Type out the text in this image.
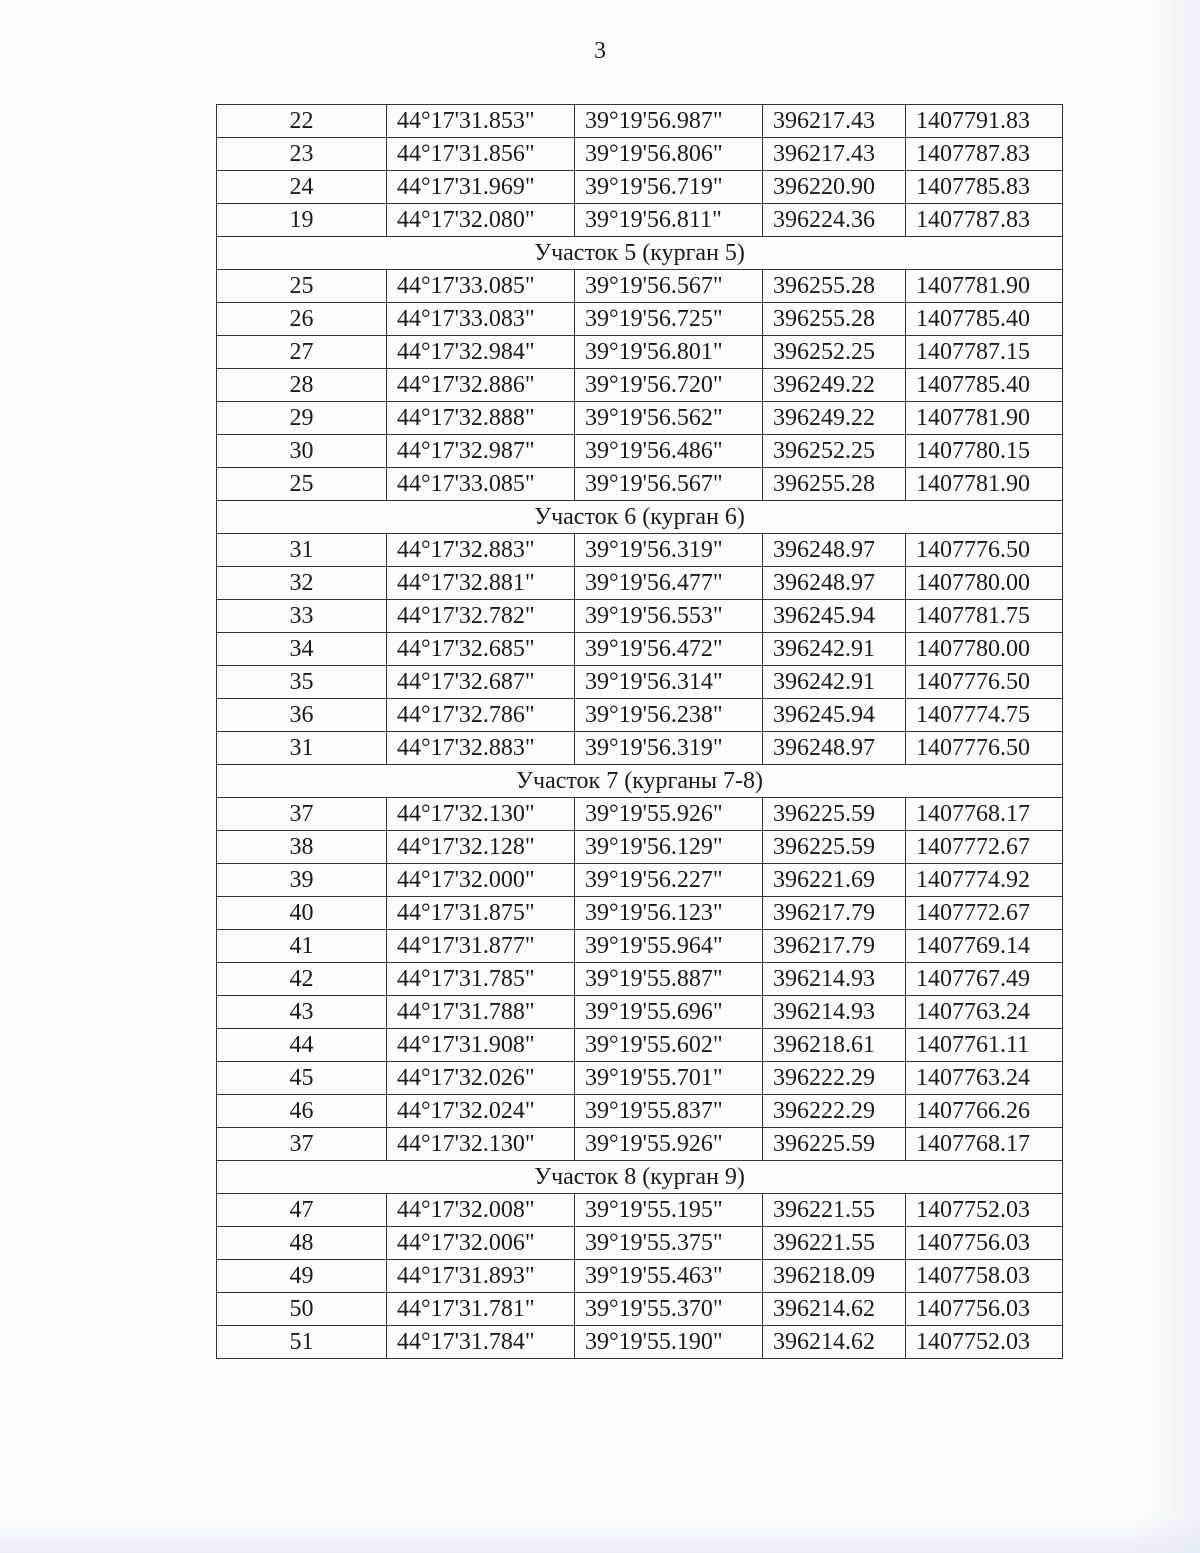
3
22	44°17'31.853"	39°19'56.987"	396217.43	1407791.83
23	44°17'31.856"	39°19'56.806"	396217.43	1407787.83
24	44°17'31.969"	39°19'56.719"	396220.90	1407785.83
19	44°17'32.080"	39°19'56.811"	396224.36	1407787.83
Участок 5 (курган 5)				
25	44°17'33.085"	39°19'56.567"	396255.28	1407781.90
26	44°17'33.083"	39°19'56.725"	396255.28	1407785.40
27	44°17'32.984"	39°19'56.801"	396252.25	1407787.15
28	44°17'32.886"	39°19'56.720"	396249.22	1407785.40
29	44°17'32.888"	39°19'56.562"	396249.22	1407781.90
30	44°17'32.987"	39°19'56.486"	396252.25	1407780.15
25	44°17'33.085"	39°19'56.567"	396255.28	1407781.90
Участок 6 (курган 6)				
31	44°17'32.883"	39°19'56.319"	396248.97	1407776.50
32	44°17'32.881"	39°19'56.477"	396248.97	1407780.00
33	44°17'32.782"	39°19'56.553"	396245.94	1407781.75
34	44°17'32.685"	39°19'56.472"	396242.91	1407780.00
35	44°17'32.687"	39°19'56.314"	396242.91	1407776.50
36	44°17'32.786"	39°19'56.238"	396245.94	1407774.75
31	44°17'32.883"	39°19'56.319"	396248.97	1407776.50
Участок 7 (курганы 7-8)				
37	44°17'32.130"	39°19'55.926"	396225.59	1407768.17
38	44°17'32.128"	39°19'56.129"	396225.59	1407772.67
39	44°17'32.000"	39°19'56.227"	396221.69	1407774.92
40	44°17'31.875"	39°19'56.123"	396217.79	1407772.67
41	44°17'31.877"	39°19'55.964"	396217.79	1407769.14
42	44°17'31.785"	39°19'55.887"	396214.93	1407767.49
43	44°17'31.788"	39°19'55.696"	396214.93	1407763.24
44	44°17'31.908"	39°19'55.602"	396218.61	1407761.11
45	44°17'32.026"	39°19'55.701"	396222.29	1407763.24
46	44°17'32.024"	39°19'55.837"	396222.29	1407766.26
37	44°17'32.130"	39°19'55.926"	396225.59	1407768.17
Участок 8 (курган 9)				
47	44°17'32.008"	39°19'55.195"	396221.55	1407752.03
48	44°17'32.006"	39°19'55.375"	396221.55	1407756.03
49	44°17'31.893"	39°19'55.463"	396218.09	1407758.03
50	44°17'31.781"	39°19'55.370"	396214.62	1407756.03
51	44°17'31.784"	39°19'55.190"	396214.62	1407752.03
